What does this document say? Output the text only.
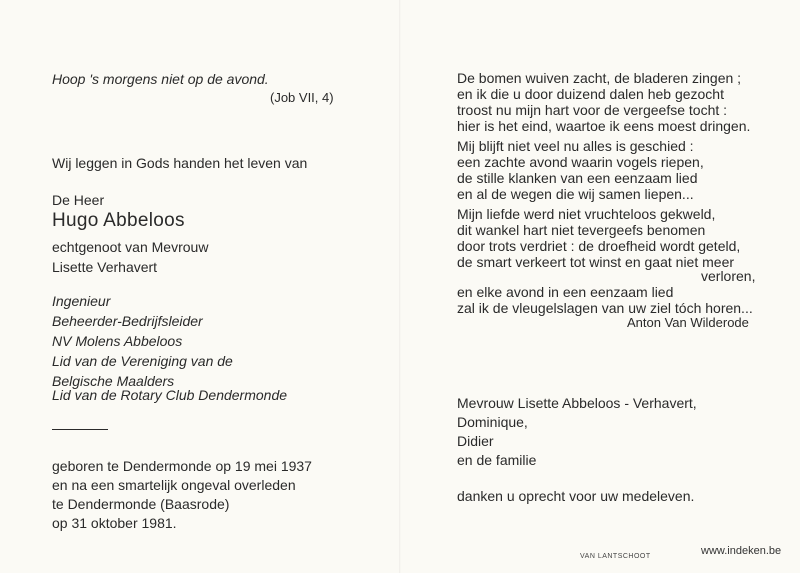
Hoop 's morgens niet op de avond.
(Job VII, 4)
Wij leggen in Gods handen het leven van
De Heer
Hugo Abbeloos
echtgenoot van Mevrouw
Lisette Verhavert
Ingenieur
Beheerder-Bedrijfsleider
NV Molens Abbeloos
Lid van de Vereniging van de
Belgische Maalders
Lid van de Rotary Club Dendermonde
geboren te Dendermonde op 19 mei 1937
en na een smartelijk ongeval overleden
te Dendermonde (Baasrode)
op 31 oktober 1981.
De bomen wuiven zacht, de bladeren zingen ;
en ik die u door duizend dalen heb gezocht
troost nu mijn hart voor de vergeefse tocht :
hier is het eind, waartoe ik eens moest dringen.
Mij blijft niet veel nu alles is geschied :
een zachte avond waarin vogels riepen,
de stille klanken van een eenzaam lied
en al de wegen die wij samen liepen...
Mijn liefde werd niet vruchteloos gekweld,
dit wankel hart niet tevergeefs benomen
door trots verdriet : de droefheid wordt geteld,
de smart verkeert tot winst en gaat niet meer
verloren,
en elke avond in een eenzaam lied
zal ik de vleugelslagen van uw ziel tóch horen...
Anton Van Wilderode
Mevrouw Lisette Abbeloos - Verhavert,
Dominique,
Didier
en de familie
danken u oprecht voor uw medeleven.
VAN LANTSCHOOT	www.indeken.be
